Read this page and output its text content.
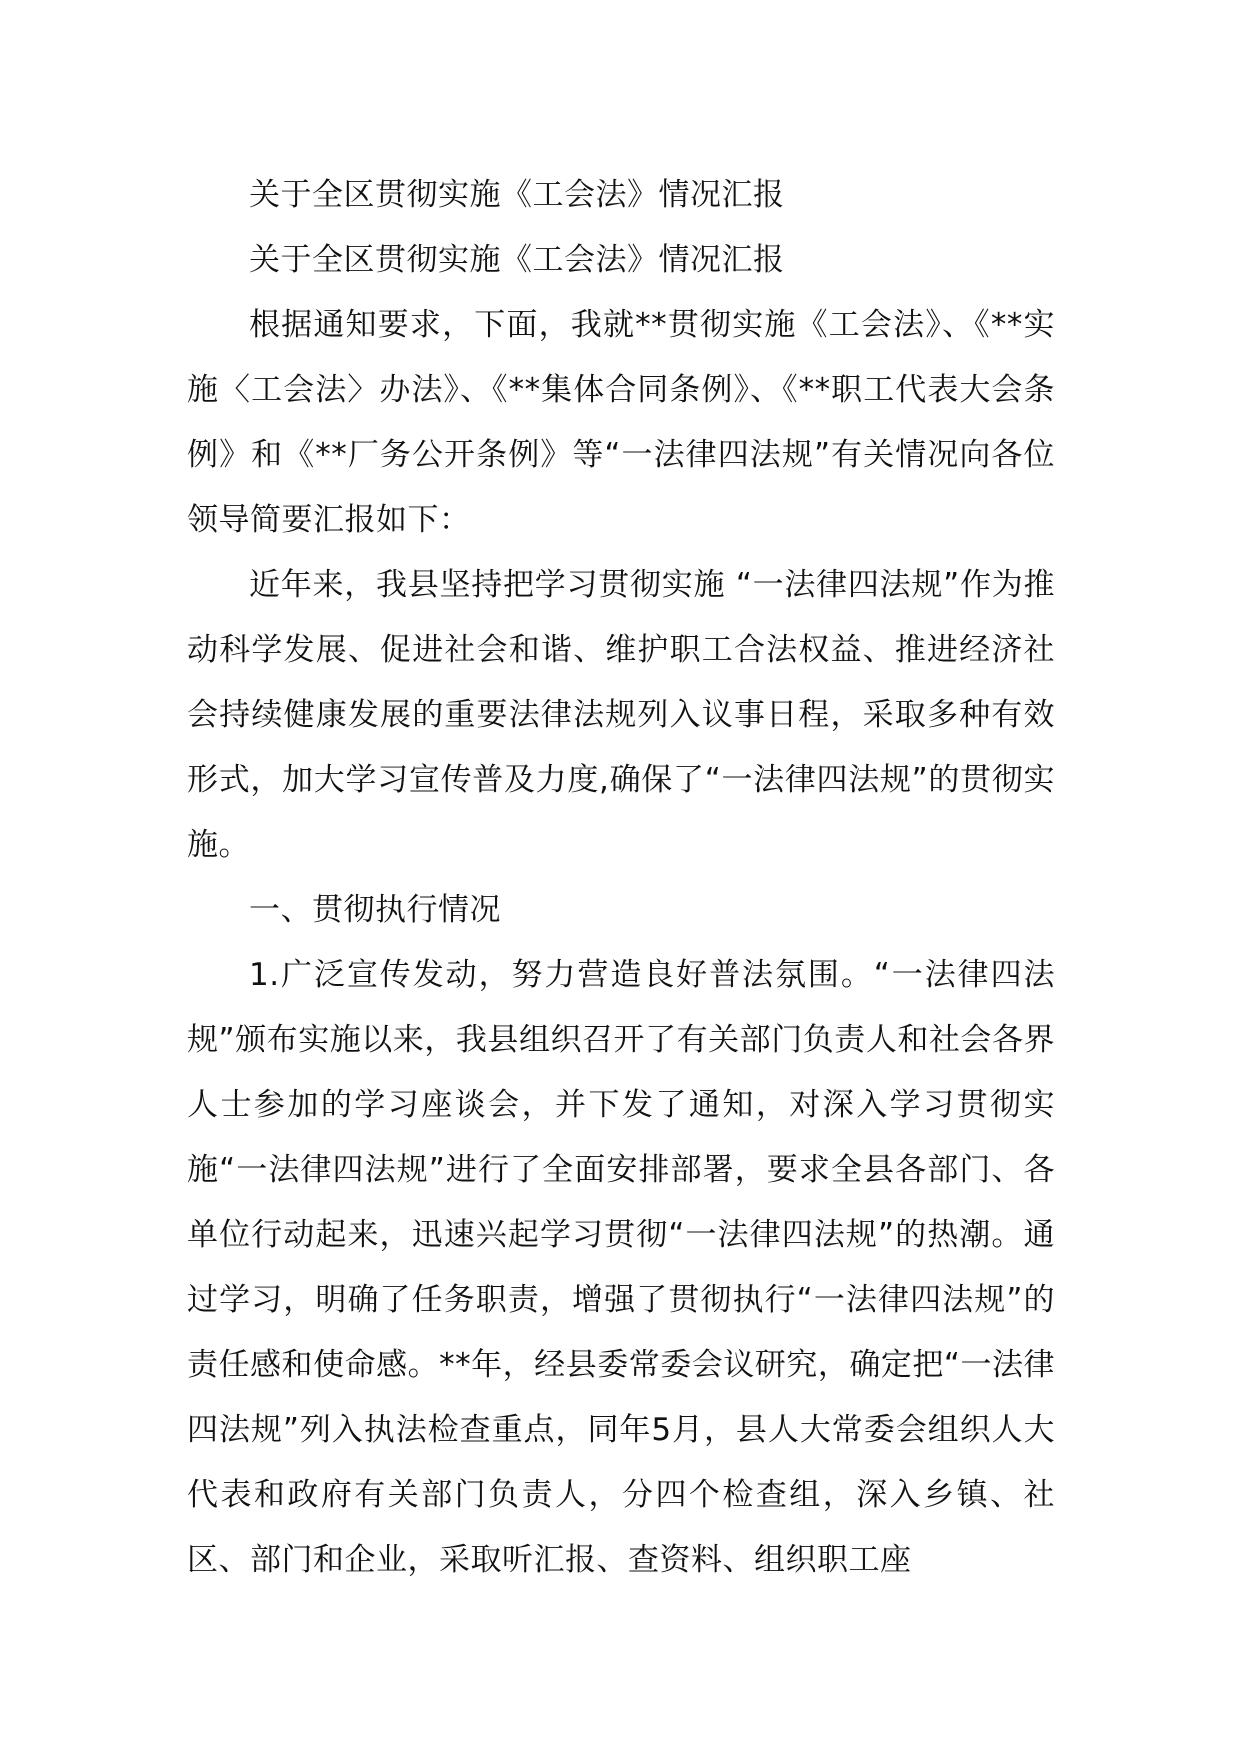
关于全区贯彻实施《工会法》情况汇报

关于全区贯彻实施《工会法》情况汇报

根据通知要求，下面，我就**贯彻实施《工会法》、《**实施〈工会法〉办法》、《**集体合同条例》、《**职工代表大会条例》和《**厂务公开条例》等“一法律四法规”有关情况向各位领导简要汇报如下：

近年来，我县坚持把学习贯彻实施 “一法律四法规”作为推动科学发展、促进社会和谐、维护职工合法权益、推进经济社会持续健康发展的重要法律法规列入议事日程，采取多种有效形式，加大学习宣传普及力度,确保了“一法律四法规”的贯彻实施。

一、贯彻执行情况

1.广泛宣传发动，努力营造良好普法氛围。“一法律四法规”颁布实施以来，我县组织召开了有关部门负责人和社会各界人士参加的学习座谈会，并下发了通知，对深入学习贯彻实施“一法律四法规”进行了全面安排部署，要求全县各部门、各单位行动起来，迅速兴起学习贯彻“一法律四法规”的热潮。通过学习，明确了任务职责，增强了贯彻执行“一法律四法规”的责任感和使命感。**年，经县委常委会议研究，确定把“一法律四法规”列入执法检查重点，同年5月，县人大常委会组织人大代表和政府有关部门负责人，分四个检查组，深入乡镇、社区、部门和企业，采取听汇报、查资料、组织职工座
